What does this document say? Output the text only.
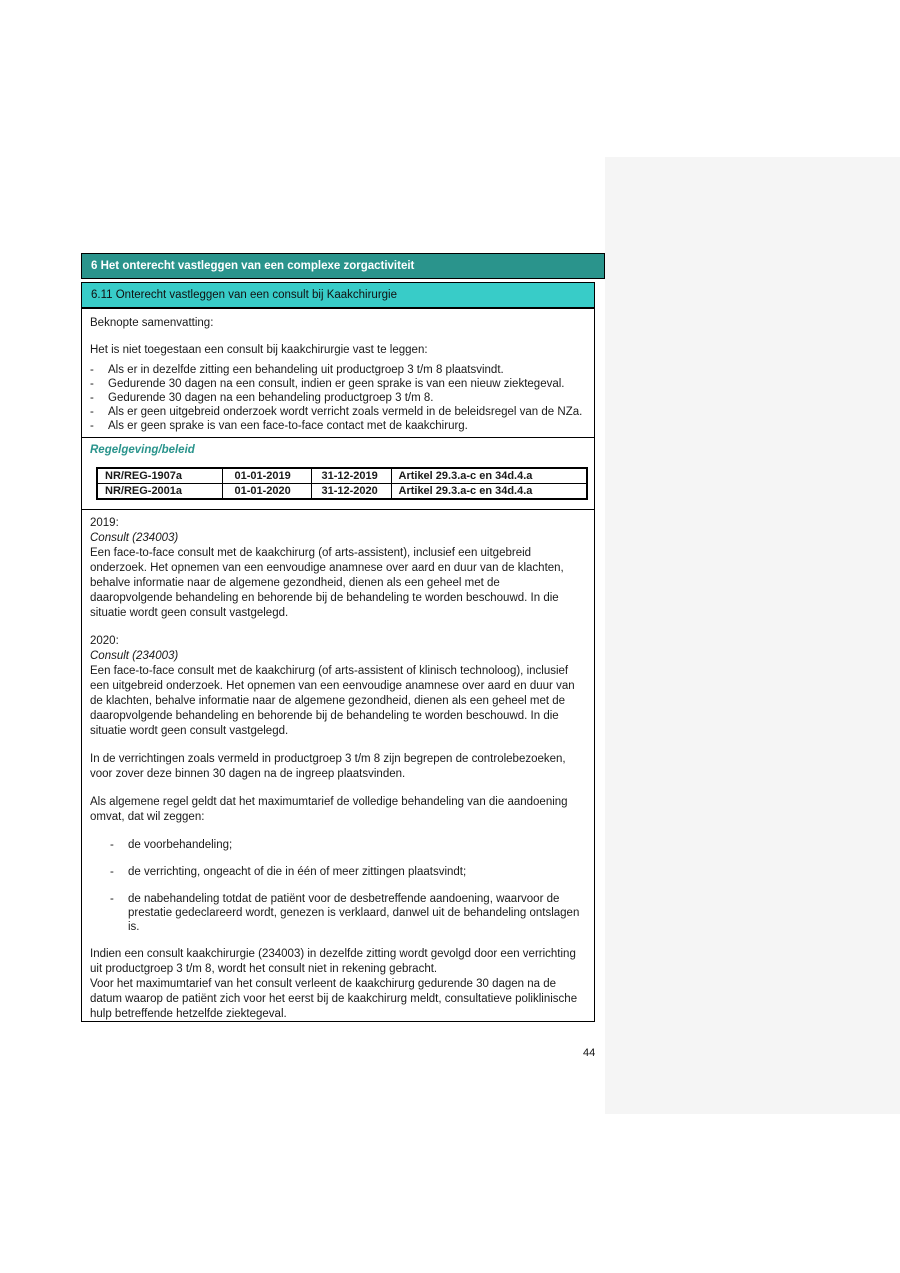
6 Het onterecht vastleggen van een complexe zorgactiviteit
6.11 Onterecht vastleggen van een consult bij Kaakchirurgie
Beknopte samenvatting:
Het is niet toegestaan een consult bij kaakchirurgie vast te leggen:
-	Als er in dezelfde zitting een behandeling uit productgroep 3 t/m 8 plaatsvindt.
-	Gedurende 30 dagen na een consult, indien er geen sprake is van een nieuw ziektegeval.
-	Gedurende 30 dagen na een behandeling productgroep 3 t/m 8.
-	Als er geen uitgebreid onderzoek wordt verricht zoals vermeld in de beleidsregel van de NZa.
-	Als er geen sprake is van een face-to-face contact met de kaakchirurg.
Regelgeving/beleid
NR/REG-1907a	01-01-2019	31-12-2019	Artikel 29.3.a-c en 34d.4.a
NR/REG-2001a	01-01-2020	31-12-2020	Artikel 29.3.a-c en 34d.4.a
2019:
Consult (234003)
Een face-to-face consult met de kaakchirurg (of arts-assistent), inclusief een uitgebreid onderzoek. Het opnemen van een eenvoudige anamnese over aard en duur van de klachten, behalve informatie naar de algemene gezondheid, dienen als een geheel met de daaropvolgende behandeling en behorende bij de behandeling te worden beschouwd. In die situatie wordt geen consult vastgelegd.
2020:
Consult (234003)
Een face-to-face consult met de kaakchirurg (of arts-assistent of klinisch technoloog), inclusief een uitgebreid onderzoek. Het opnemen van een eenvoudige anamnese over aard en duur van de klachten, behalve informatie naar de algemene gezondheid, dienen als een geheel met de daaropvolgende behandeling en behorende bij de behandeling te worden beschouwd. In die situatie wordt geen consult vastgelegd.
In de verrichtingen zoals vermeld in productgroep 3 t/m 8 zijn begrepen de controlebezoeken, voor zover deze binnen 30 dagen na de ingreep plaatsvinden.
Als algemene regel geldt dat het maximumtarief de volledige behandeling van die aandoening omvat, dat wil zeggen:
-	de voorbehandeling;
-	de verrichting, ongeacht of die in één of meer zittingen plaatsvindt;
-	de nabehandeling totdat de patiënt voor de desbetreffende aandoening, waarvoor de prestatie gedeclareerd wordt, genezen is verklaard, danwel uit de behandeling ontslagen is.
Indien een consult kaakchirurgie (234003) in dezelfde zitting wordt gevolgd door een verrichting uit productgroep 3 t/m 8, wordt het consult niet in rekening gebracht.
Voor het maximumtarief van het consult verleent de kaakchirurg gedurende 30 dagen na de datum waarop de patiënt zich voor het eerst bij de kaakchirurg meldt, consultatieve poliklinische hulp betreffende hetzelfde ziektegeval.
44
